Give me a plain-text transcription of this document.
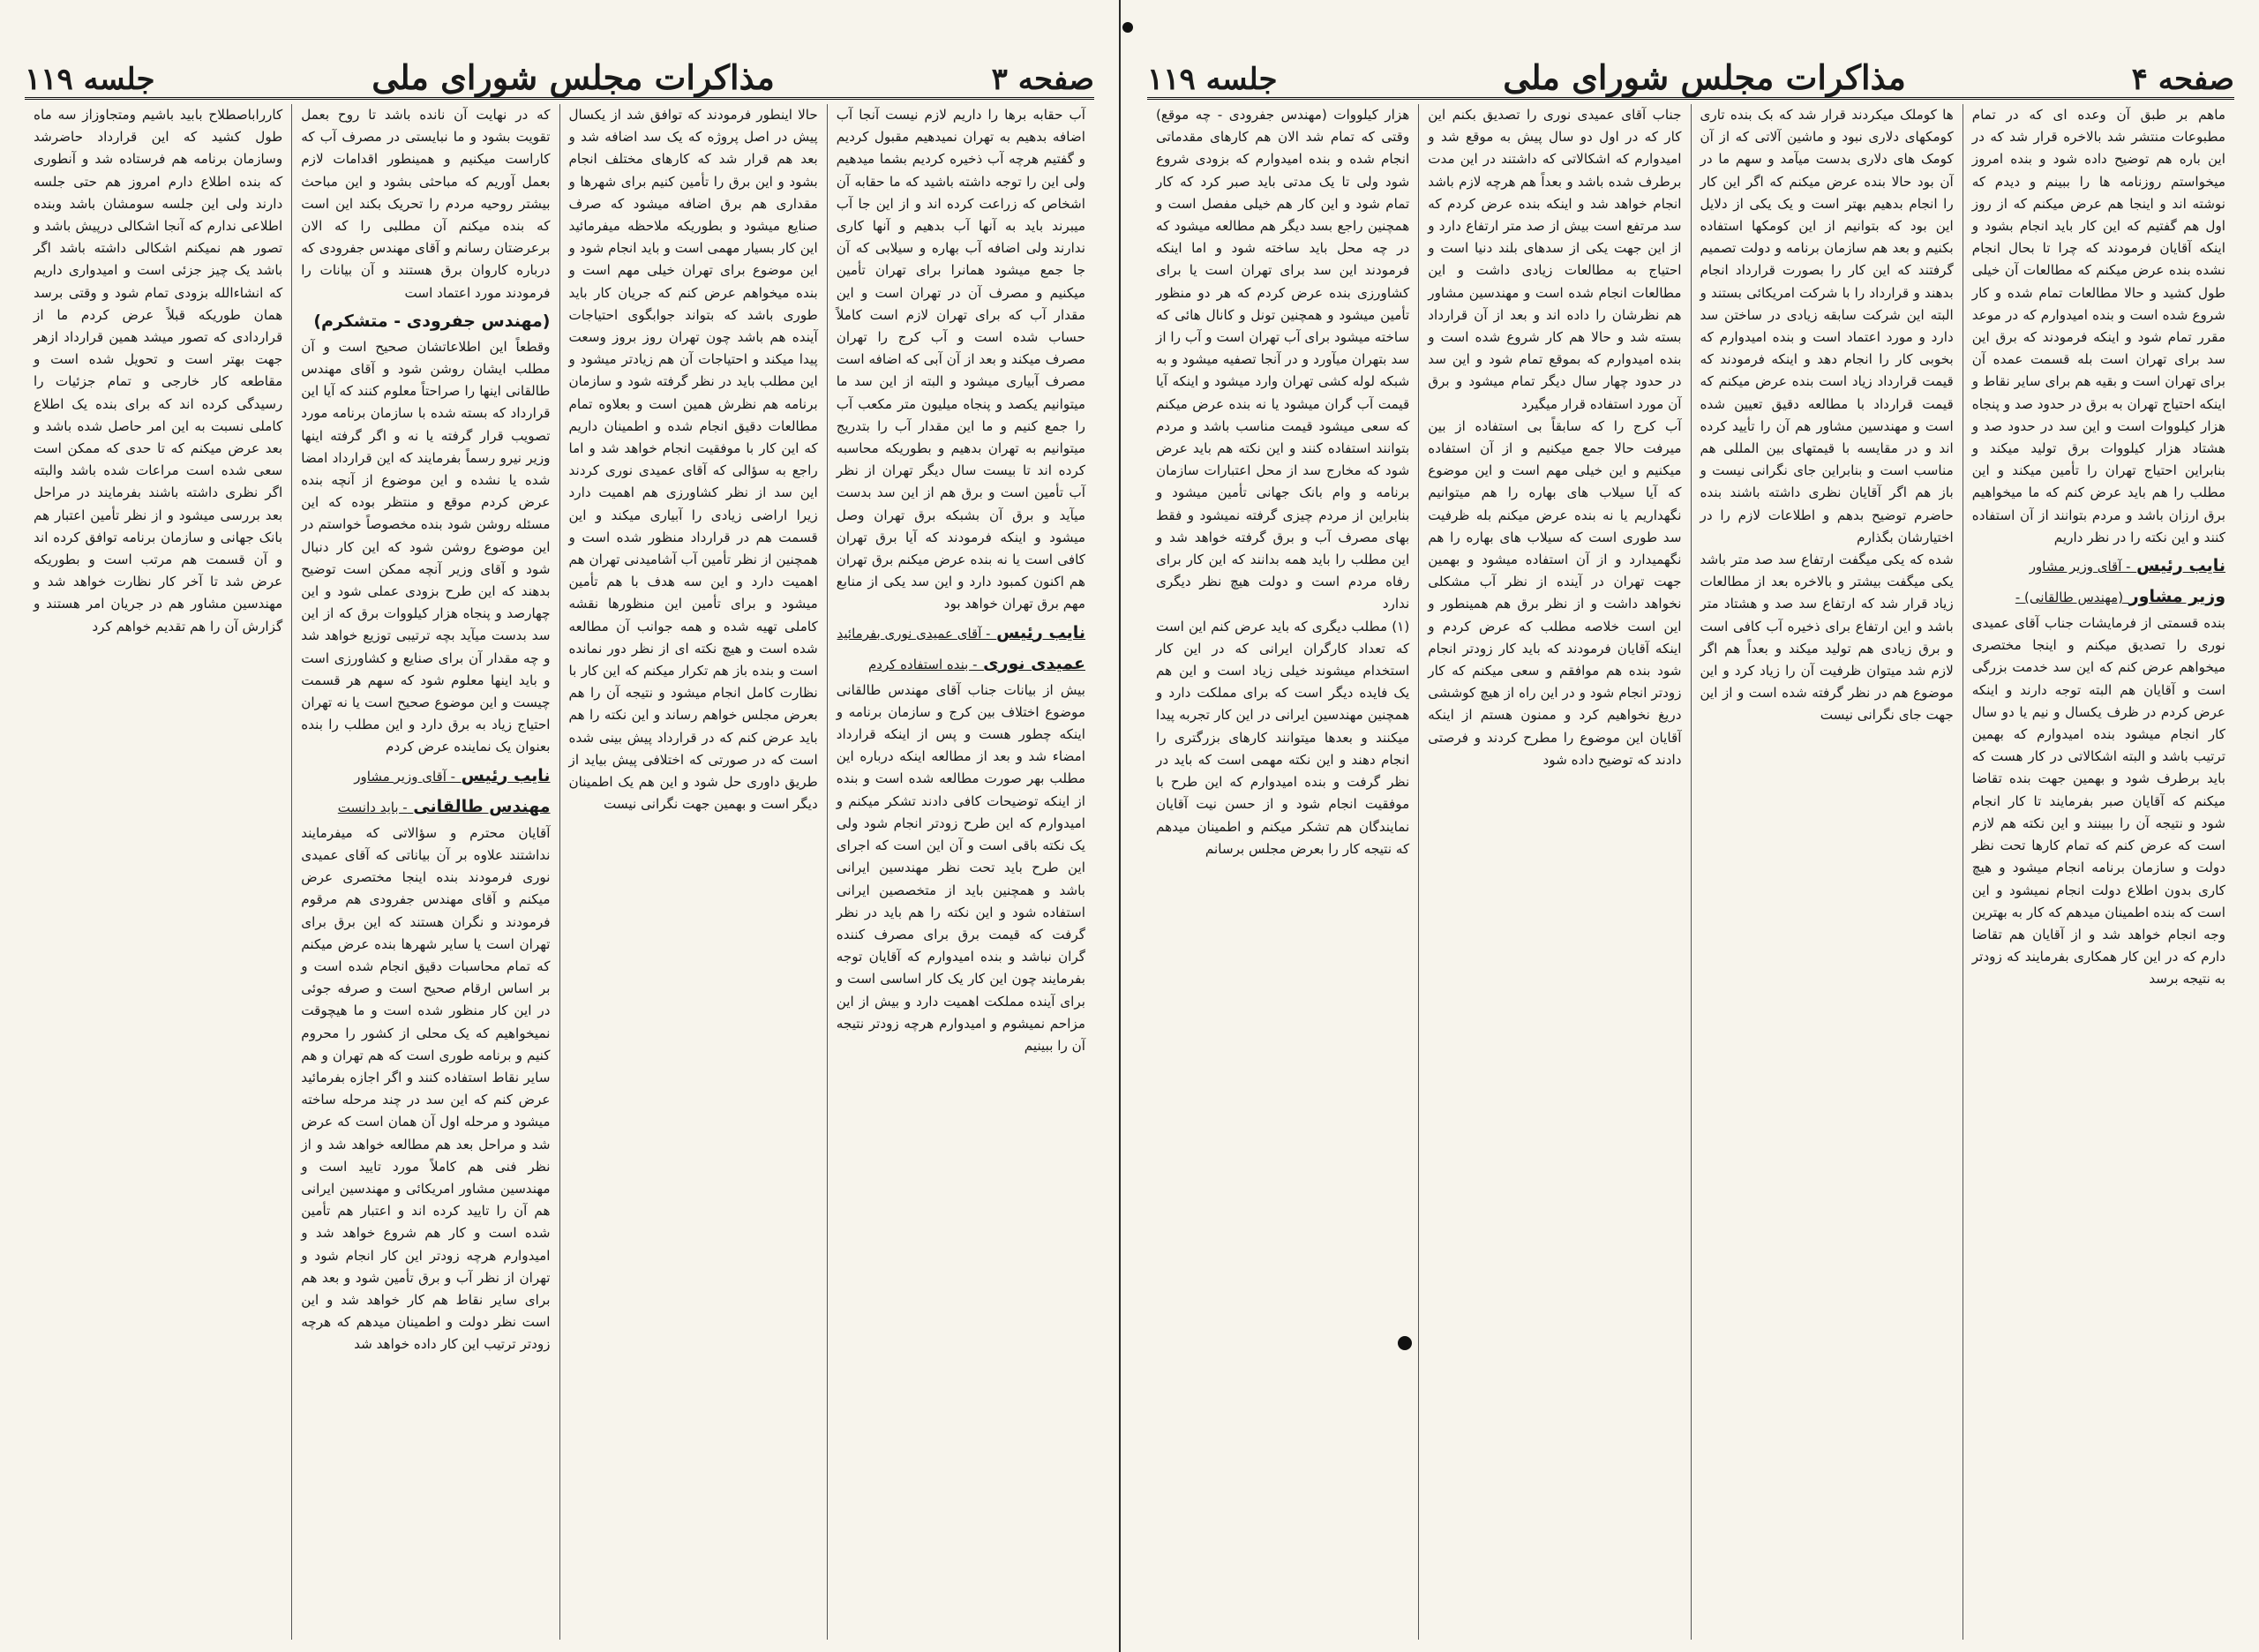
صفحه ۴
مذاکرات مجلس شورای ملی
جلسه ۱۱۹

ماهم بر طبق آن وعده ای که در تمام مطبوعات منتشر شد بالاخره قرار شد که در این باره هم توضیح داده شود و بنده امروز میخواستم روزنامه ها را ببینم و دیدم که نوشته اند و اینجا هم عرض میکنم که از روز اول هم گفتیم که این کار باید انجام بشود و اینکه آقایان فرمودند که چرا تا بحال انجام نشده بنده عرض میکنم که مطالعات آن خیلی طول کشید و حالا مطالعات تمام شده و کار شروع شده است و بنده امیدوارم که در موعد مقرر تمام شود و اینکه فرمودند که برق این سد برای تهران است بله قسمت عمده آن برای تهران است و بقیه هم برای سایر نقاط و اینکه احتیاج تهران به برق در حدود صد و پنجاه هزار کیلووات است و این سد در حدود صد و هشتاد هزار کیلووات برق تولید میکند و بنابراین احتیاج تهران را تأمین میکند و این مطلب را هم باید عرض کنم که ما میخواهیم برق ارزان باشد و مردم بتوانند از آن استفاده کنند و این نکته را در نظر داریم

نایب رئیس - آقای وزیر مشاور
وزیر مشاور (مهندس طالقانی) -

بنده قسمتی از فرمایشات جناب آقای عمیدی نوری را تصدیق میکنم و اینجا مختصری میخواهم عرض کنم که این سد خدمت بزرگی است و آقایان هم البته توجه دارند و اینکه عرض کردم در ظرف یکسال و نیم یا دو سال کار انجام میشود بنده امیدوارم که بهمین ترتیب باشد و البته اشکالاتی در کار هست که باید برطرف شود و بهمین جهت بنده تقاضا میکنم که آقایان صبر بفرمایند تا کار انجام شود و نتیجه آن را ببینند و این نکته هم لازم است که عرض کنم که تمام کارها تحت نظر دولت و سازمان برنامه انجام میشود و هیچ کاری بدون اطلاع دولت انجام نمیشود و این است که بنده اطمینان میدهم که کار به بهترین وجه انجام خواهد شد و از آقایان هم تقاضا دارم که در این کار همکاری بفرمایند که زودتر به نتیجه برسد

ها کوملک میکردند قرار شد که بک بنده تاری کومکهای دلاری نبود و ماشین آلاتی که از آن کومک های دلاری بدست میآمد و سهم ما در آن بود حالا بنده عرض میکنم که اگر این کار را انجام بدهیم بهتر است و یک یکی از دلایل این بود که بتوانیم از این کومکها استفاده بکنیم و بعد هم سازمان برنامه و دولت تصمیم گرفتند که این کار را بصورت قرارداد انجام بدهند و قرارداد را با شرکت امریکائی بستند و البته این شرکت سابقه زیادی در ساختن سد دارد و مورد اعتماد است و بنده امیدوارم که بخوبی کار را انجام دهد و اینکه فرمودند که قیمت قرارداد زیاد است بنده عرض میکنم که قیمت قرارداد با مطالعه دقیق تعیین شده است و مهندسین مشاور هم آن را تأیید کرده اند و در مقایسه با قیمتهای بین المللی هم مناسب است و بنابراین جای نگرانی نیست و باز هم اگر آقایان نظری داشته باشند بنده حاضرم توضیح بدهم و اطلاعات لازم را در اختیارشان بگذارم

شده که یکی میگفت ارتفاع سد صد متر باشد یکی میگفت بیشتر و بالاخره بعد از مطالعات زیاد قرار شد که ارتفاع سد صد و هشتاد متر باشد و این ارتفاع برای ذخیره آب کافی است و برق زیادی هم تولید میکند و بعداً هم اگر لازم شد میتوان ظرفیت آن را زیاد کرد و این موضوع هم در نظر گرفته شده است و از این جهت جای نگرانی نیست

جناب آقای عمیدی نوری را تصدیق بکنم این کار که در اول دو سال پیش به موقع شد و امیدوارم که اشکالاتی که داشتند در این مدت برطرف شده باشد و بعداً هم هرچه لازم باشد انجام خواهد شد و اینکه بنده عرض کردم که سد مرتفع است بیش از صد متر ارتفاع دارد و از این جهت یکی از سدهای بلند دنیا است و احتیاج به مطالعات زیادی داشت و این مطالعات انجام شده است و مهندسین مشاور هم نظرشان را داده اند و بعد از آن قرارداد بسته شد و حالا هم کار شروع شده است و بنده امیدوارم که بموقع تمام شود و این سد در حدود چهار سال دیگر تمام میشود و برق آن مورد استفاده قرار میگیرد

آب کرج را که سابقاً بی استفاده از بین میرفت حالا جمع میکنیم و از آن استفاده میکنیم و این خیلی مهم است و این موضوع که آیا سیلاب های بهاره را هم میتوانیم نگهداریم یا نه بنده عرض میکنم بله ظرفیت سد طوری است که سیلاب های بهاره را هم نگهمیدارد و از آن استفاده میشود و بهمین جهت تهران در آینده از نظر آب مشکلی نخواهد داشت و از نظر برق هم همینطور و این است خلاصه مطلب که عرض کردم و اینکه آقایان فرمودند که باید کار زودتر انجام شود بنده هم موافقم و سعی میکنم که کار زودتر انجام شود و در این راه از هیچ کوششی دریغ نخواهیم کرد و ممنون هستم از اینکه آقایان این موضوع را مطرح کردند و فرصتی دادند که توضیح داده شود

هزار کیلووات (مهندس جفرودی - چه موقع) وقتی که تمام شد الان هم کارهای مقدماتی انجام شده و بنده امیدوارم که بزودی شروع شود ولی تا یک مدتی باید صبر کرد که کار تمام شود و این کار هم خیلی مفصل است و همچنین راجع بسد دیگر هم مطالعه میشود که در چه محل باید ساخته شود و اما اینکه فرمودند این سد برای تهران است یا برای کشاورزی بنده عرض کردم که هر دو منظور تأمین میشود و همچنین تونل و کانال هائی که ساخته میشود برای آب تهران است و آب را از سد بتهران میآورد و در آنجا تصفیه میشود و به شبکه لوله کشی تهران وارد میشود و اینکه آیا قیمت آب گران میشود یا نه بنده عرض میکنم که سعی میشود قیمت مناسب باشد و مردم بتوانند استفاده کنند و این نکته هم باید عرض شود که مخارج سد از محل اعتبارات سازمان برنامه و وام بانک جهانی تأمین میشود و بنابراین از مردم چیزی گرفته نمیشود و فقط بهای مصرف آب و برق گرفته خواهد شد و این مطلب را باید همه بدانند که این کار برای رفاه مردم است و دولت هیچ نظر دیگری ندارد

(۱) مطلب دیگری که باید عرض کنم این است که تعداد کارگران ایرانی که در این کار استخدام میشوند خیلی زیاد است و این هم یک فایده دیگر است که برای مملکت دارد و همچنین مهندسین ایرانی در این کار تجربه پیدا میکنند و بعدها میتوانند کارهای بزرگتری را انجام دهند و این نکته مهمی است که باید در نظر گرفت و بنده امیدوارم که این طرح با موفقیت انجام شود و از حسن نیت آقایان نمایندگان هم تشکر میکنم و اطمینان میدهم که نتیجه کار را بعرض مجلس برسانم

صفحه ۳
مذاکرات مجلس شورای ملی
جلسه ۱۱۹

آب حقابه برها را داریم لازم نیست آنجا آب اضافه بدهیم به تهران نمیدهیم مقبول کردیم و گفتیم هرچه آب ذخیره کردیم بشما میدهیم ولی این را توجه داشته باشید که ما حقابه آن اشخاص که زراعت کرده اند و از این جا آب میبرند باید به آنها آب بدهیم و آنها کاری ندارند ولی اضافه آب بهاره و سیلابی که آن جا جمع میشود همانرا برای تهران تأمین میکنیم و مصرف آن در تهران است و این مقدار آب که برای تهران لازم است کاملاً حساب شده است و آب کرج را تهران مصرف میکند و بعد از آن آبی که اضافه است مصرف آبیاری میشود و البته از این سد ما میتوانیم یکصد و پنجاه میلیون متر مکعب آب را جمع کنیم و ما این مقدار آب را بتدریج میتوانیم به تهران بدهیم و بطوریکه محاسبه کرده اند تا بیست سال دیگر تهران از نظر آب تأمین است و برق هم از این سد بدست میآید و برق آن بشبکه برق تهران وصل میشود و اینکه فرمودند که آیا برق تهران کافی است یا نه بنده عرض میکنم برق تهران هم اکنون کمبود دارد و این سد یکی از منابع مهم برق تهران خواهد بود

نایب رئیس - آقای عمیدی نوری بفرمائید
عمیدی نوری - بنده استفاده کردم

بیش از بیانات جناب آقای مهندس طالقانی موضوع اختلاف بین کرج و سازمان برنامه و اینکه چطور هست و پس از اینکه قرارداد امضاء شد و بعد از مطالعه اینکه درباره این مطلب بهر صورت مطالعه شده است و بنده از اینکه توضیحات کافی دادند تشکر میکنم و امیدوارم که این طرح زودتر انجام شود ولی یک نکته باقی است و آن این است که اجرای این طرح باید تحت نظر مهندسین ایرانی باشد و همچنین باید از متخصصین ایرانی استفاده شود و این نکته را هم باید در نظر گرفت که قیمت برق برای مصرف کننده گران نباشد و بنده امیدوارم که آقایان توجه بفرمایند چون این کار یک کار اساسی است و برای آینده مملکت اهمیت دارد و بیش از این مزاحم نمیشوم و امیدوارم هرچه زودتر نتیجه آن را ببینیم

حالا اینطور فرمودند که توافق شد از یکسال پیش در اصل پروژه که یک سد اضافه شد و بعد هم قرار شد که کارهای مختلف انجام بشود و این برق را تأمین کنیم برای شهرها و مقداری هم برق اضافه میشود که صرف صنایع میشود و بطوریکه ملاحظه میفرمائید این کار بسیار مهمی است و باید انجام شود و این موضوع برای تهران خیلی مهم است و بنده میخواهم عرض کنم که جریان کار باید طوری باشد که بتواند جوابگوی احتیاجات آینده هم باشد چون تهران روز بروز وسعت پیدا میکند و احتیاجات آن هم زیادتر میشود و این مطلب باید در نظر گرفته شود و سازمان برنامه هم نظرش همین است و بعلاوه تمام مطالعات دقیق انجام شده و اطمینان داریم که این کار با موفقیت انجام خواهد شد و اما راجع به سؤالی که آقای عمیدی نوری کردند این سد از نظر کشاورزی هم اهمیت دارد زیرا اراضی زیادی را آبیاری میکند و این قسمت هم در قرارداد منظور شده است و همچنین از نظر تأمین آب آشامیدنی تهران هم اهمیت دارد و این سه هدف با هم تأمین میشود و برای تأمین این منظورها نقشه کاملی تهیه شده و همه جوانب آن مطالعه شده است و هیچ نکته ای از نظر دور نمانده است و بنده باز هم تکرار میکنم که این کار با نظارت کامل انجام میشود و نتیجه آن را هم بعرض مجلس خواهم رساند و این نکته را هم باید عرض کنم که در قرارداد پیش بینی شده است که در صورتی که اختلافی پیش بیاید از طریق داوری حل شود و این هم یک اطمینان دیگر است و بهمین جهت نگرانی نیست

که در نهایت آن نانده باشد تا روح بعمل تقویت بشود و ما نبایستی در مصرف آب که کاراست میکنیم و همینطور اقدامات لازم بعمل آوریم که مباحثی بشود و این مباحث بیشتر روحیه مردم را تحریک بکند این است که بنده میکنم آن مطلبی را که الان برعرضتان رسانم و آقای مهندس جفرودی که درباره کاروان برق هستند و آن بیانات را فرمودند مورد اعتماد است

(مهندس جفرودی - متشکرم)

وقطعاً این اطلاعاتشان صحیح است و آن مطلب ایشان روشن شود و آقای مهندس طالقانی اینها را صراحتاً معلوم کنند که آیا این قرارداد که بسته شده با سازمان برنامه مورد تصویب قرار گرفته یا نه و اگر گرفته اینها وزیر نیرو رسماً بفرمایند که این قرارداد امضا شده یا نشده و این موضوع از آنچه بنده عرض کردم موقع و منتظر بوده که این مسئله روشن شود بنده مخصوصاً خواستم در این موضوع روشن شود که این کار دنبال شود و آقای وزیر آنچه ممکن است توضیح بدهند که این طرح بزودی عملی شود و این چهارصد و پنجاه هزار کیلووات برق که از این سد بدست میآید بچه ترتیبی توزیع خواهد شد و چه مقدار آن برای صنایع و کشاورزی است و باید اینها معلوم شود که سهم هر قسمت چیست و این موضوع صحیح است یا نه تهران احتیاج زیاد به برق دارد و این مطلب را بنده بعنوان یک نماینده عرض کردم

نایب رئیس - آقای وزیر مشاور
مهندس طالقانی - باید دانست

آقایان محترم و سؤالاتی که میفرمایند نداشتند علاوه بر آن بیاناتی که آقای عمیدی نوری فرمودند بنده اینجا مختصری عرض میکنم و آقای مهندس جفرودی هم مرقوم فرمودند و نگران هستند که این برق برای تهران است یا سایر شهرها بنده عرض میکنم که تمام محاسبات دقیق انجام شده است و بر اساس ارقام صحیح است و صرفه جوئی در این کار منظور شده است و ما هیچوقت نمیخواهیم که یک محلی از کشور را محروم کنیم و برنامه طوری است که هم تهران و هم سایر نقاط استفاده کنند و اگر اجازه بفرمائید عرض کنم که این سد در چند مرحله ساخته میشود و مرحله اول آن همان است که عرض شد و مراحل بعد هم مطالعه خواهد شد و از نظر فنی هم کاملاً مورد تایید است و مهندسین مشاور امریکائی و مهندسین ایرانی هم آن را تایید کرده اند و اعتبار هم تأمین شده است و کار هم شروع خواهد شد و امیدوارم هرچه زودتر این کار انجام شود و تهران از نظر آب و برق تأمین شود و بعد هم برای سایر نقاط هم کار خواهد شد و این است نظر دولت و اطمینان میدهم که هرچه زودتر ترتیب این کار داده خواهد شد

کارراباصطلاح بابید باشیم ومتجاوزاز سه ماه طول کشید که این قرارداد حاضرشد وسازمان برنامه هم فرستاده شد و آنطوری که بنده اطلاع دارم امروز هم حتی جلسه دارند ولی این جلسه سومشان باشد وبنده اطلاعی ندارم که آنجا اشکالی درپیش باشد و تصور هم نمیکنم اشکالی داشته باشد اگر باشد یک چیز جزئی است و امیدواری داریم که انشاءالله بزودی تمام شود و وقتی برسد همان طوریکه قبلاً عرض کردم ما از قراردادی که تصور میشد همین قرارداد ازهر جهت بهتر است و تحویل شده است و مقاطعه کار خارجی و تمام جزئیات را رسیدگی کرده اند که برای بنده یک اطلاع کاملی نسبت به این امر حاصل شده باشد و بعد عرض میکنم که تا حدی که ممکن است سعی شده است مراعات شده باشد والبته اگر نظری داشته باشند بفرمایند در مراحل بعد بررسی میشود و از نظر تأمین اعتبار هم بانک جهانی و سازمان برنامه توافق کرده اند و آن قسمت هم مرتب است و بطوریکه عرض شد تا آخر کار نظارت خواهد شد و مهندسین مشاور هم در جریان امر هستند و گزارش آن را هم تقدیم خواهم کرد
